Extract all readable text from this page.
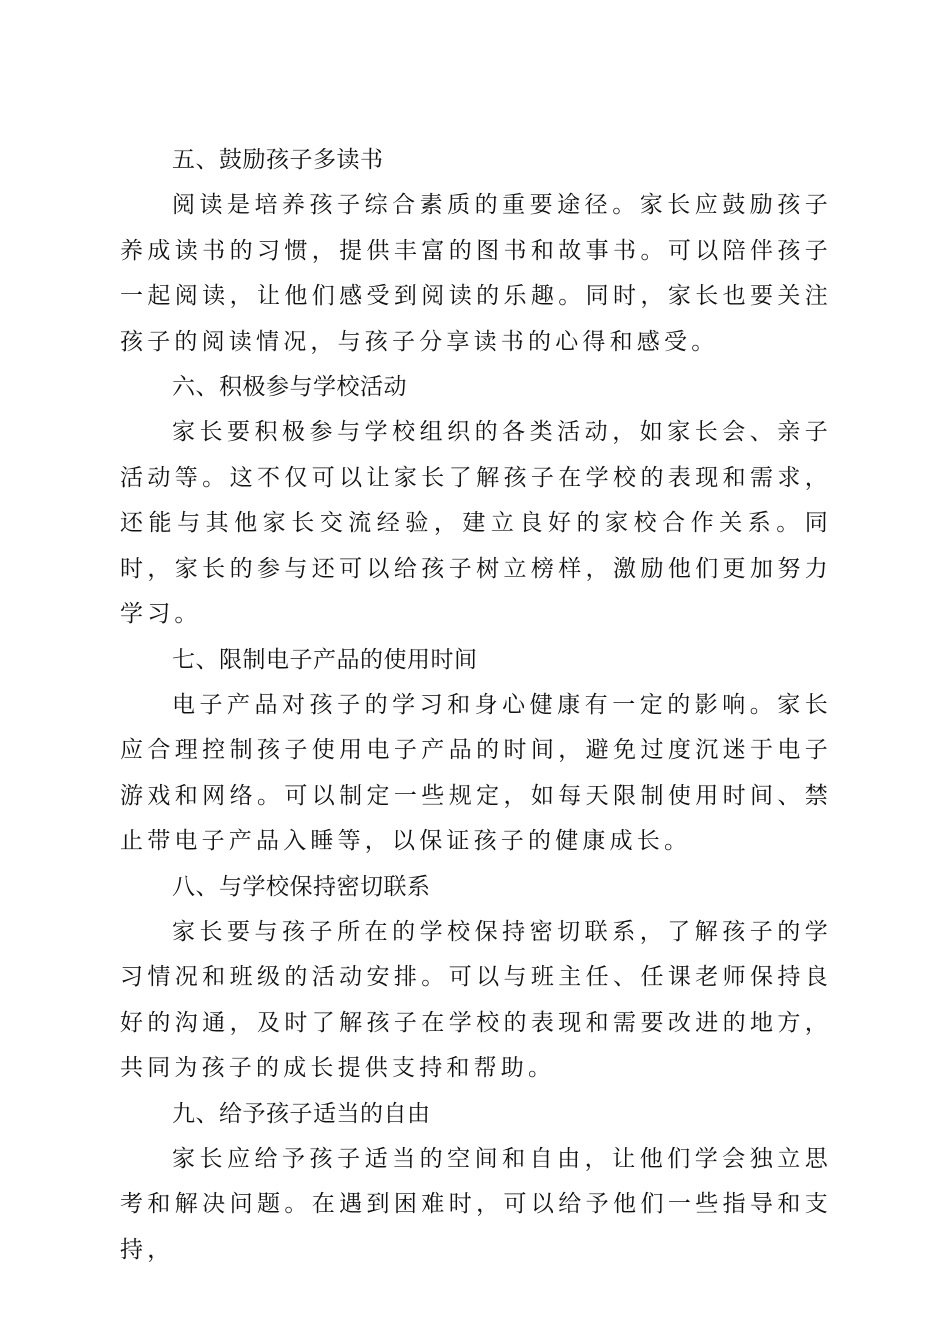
五、鼓励孩子多读书

阅读是培养孩子综合素质的重要途径。家长应鼓励孩子养成读书的习惯，提供丰富的图书和故事书。可以陪伴孩子一起阅读，让他们感受到阅读的乐趣。同时，家长也要关注孩子的阅读情况，与孩子分享读书的心得和感受。

六、积极参与学校活动

家长要积极参与学校组织的各类活动，如家长会、亲子活动等。这不仅可以让家长了解孩子在学校的表现和需求，还能与其他家长交流经验，建立良好的家校合作关系。同时，家长的参与还可以给孩子树立榜样，激励他们更加努力学习。

七、限制电子产品的使用时间

电子产品对孩子的学习和身心健康有一定的影响。家长应合理控制孩子使用电子产品的时间，避免过度沉迷于电子游戏和网络。可以制定一些规定，如每天限制使用时间、禁止带电子产品入睡等，以保证孩子的健康成长。

八、与学校保持密切联系

家长要与孩子所在的学校保持密切联系，了解孩子的学习情况和班级的活动安排。可以与班主任、任课老师保持良好的沟通，及时了解孩子在学校的表现和需要改进的地方，共同为孩子的成长提供支持和帮助。

九、给予孩子适当的自由

家长应给予孩子适当的空间和自由，让他们学会独立思考和解决问题。在遇到困难时，可以给予他们一些指导和支持，
